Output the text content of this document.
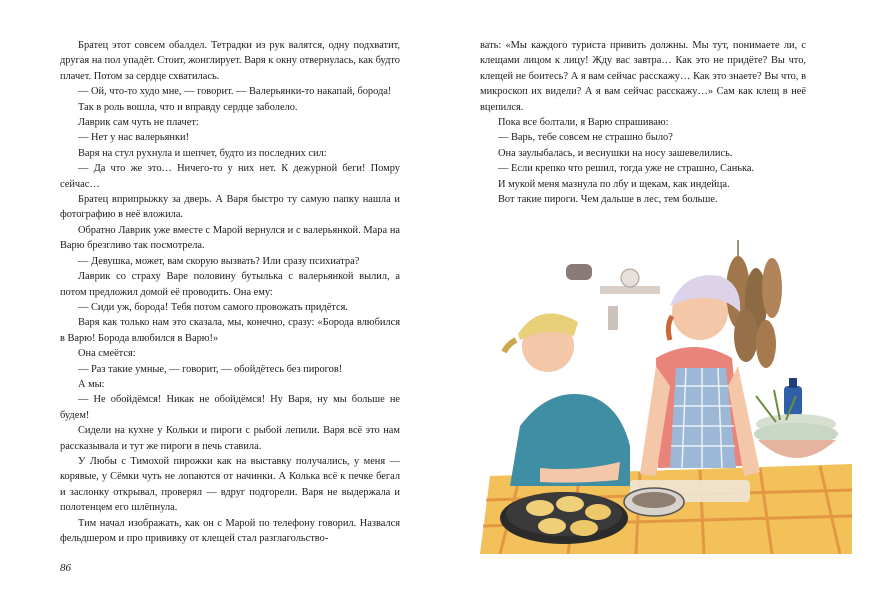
Братец этот совсем обалдел. Тетрадки из рук валятся, одну подхватит, другая на пол упадёт. Стоит, жонглирует. Варя к окну отвернулась, как будто плачет. Потом за сердце схватилась.

— Ой, что-то худо мне, — говорит. — Валерьянки-то накапай, борода!

Так в роль вошла, что и вправду сердце заболело.

Лаврик сам чуть не плачет:

— Нет у нас валерьянки!

Варя на стул рухнула и шепчет, будто из последних сил:

— Да что же это… Ничего-то у них нет. К дежурной беги! Помру сейчас…

Братец вприпрыжку за дверь. А Варя быстро ту самую папку нашла и фотографию в неё вложила.

Обратно Лаврик уже вместе с Марой вернулся и с валерьянкой. Мара на Варю брезгливо так посмотрела.

— Девушка, может, вам скорую вызвать? Или сразу психиатра?

Лаврик со страху Варе половину бутылька с валерьянкой вылил, а потом предложил домой её проводить. Она ему:

— Сиди уж, борода! Тебя потом самого провожать придётся.

Варя как только нам это сказала, мы, конечно, сразу: «Борода влюбился в Варю! Борода влюбился в Варю!»

Она смеётся:

— Раз такие умные, — говорит, — обойдётесь без пирогов!

А мы:

— Не обойдёмся! Никак не обойдёмся! Ну Варя, ну мы больше не будем!

Сидели на кухне у Кольки и пироги с рыбой лепили. Варя всё это нам рассказывала и тут же пироги в печь ставила.

У Любы с Тимохой пирожки как на выставку получались, у меня — корявые, у Сёмки чуть не лопаются от начинки. А Колька всё к печке бегал и заслонку открывал, проверял — вдруг подгорели. Варя не выдержала и полотенцем его шлёпнула.

Тим начал изображать, как он с Марой по телефону говорил. Назвался фельдшером и про прививку от клещей стал разглагольство-

86

вать: «Мы каждого туриста привить должны. Мы тут, понимаете ли, с клещами лицом к лицу! Жду вас завтра… Как это не придёте? Вы что, клещей не боитесь? А я вам сейчас расскажу… Как это знаете? Вы что, в микроскоп их видели? А я вам сейчас расскажу…» Сам как клещ в неё вцепился.

Пока все болтали, я Варю спрашиваю:

— Варь, тебе совсем не страшно было?

Она заулыбалась, и веснушки на носу зашевелились.

— Если крепко что решил, тогда уже не страшно, Санька.

И мукой меня мазнула по лбу и щекам, как индейца.

Вот такие пироги. Чем дальше в лес, тем больше.
